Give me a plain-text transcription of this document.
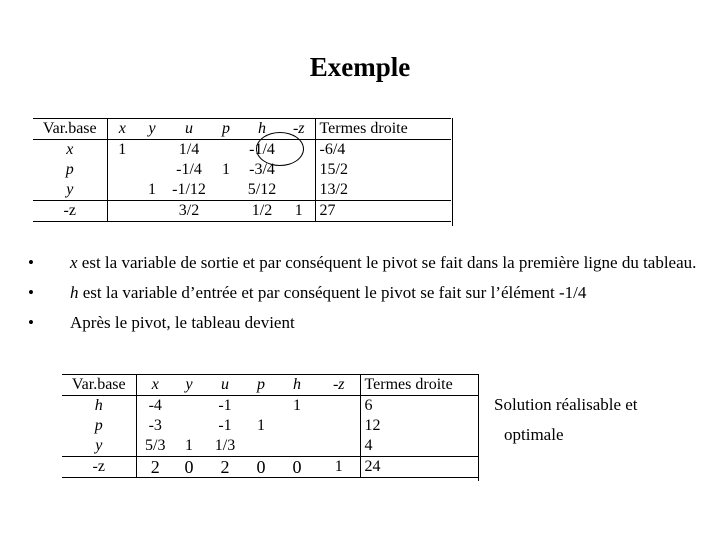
Exemple
Var.base	x	y	u	p	h	-z	Termes droite
x	1		1/4		-1/4		-6/4
p			-1/4	1	-3/4		15/2
y		1	-1/12		5/12		13/2
-z			3/2		1/2	1	27
• x est la variable de sortie et par conséquent le pivot se fait dans la première ligne du tableau.
• h est la variable d’entrée et par conséquent le pivot se fait sur l’élément -1/4
• Après le pivot, le tableau devient
Var.base	x	y	u	p	h	-z	Termes droite
h	-4		-1		1		6
p	-3		-1	1			12
y	5/3	1	1/3				4
-z	2	0	2	0	0	1	24
Solution réalisable et
optimale
